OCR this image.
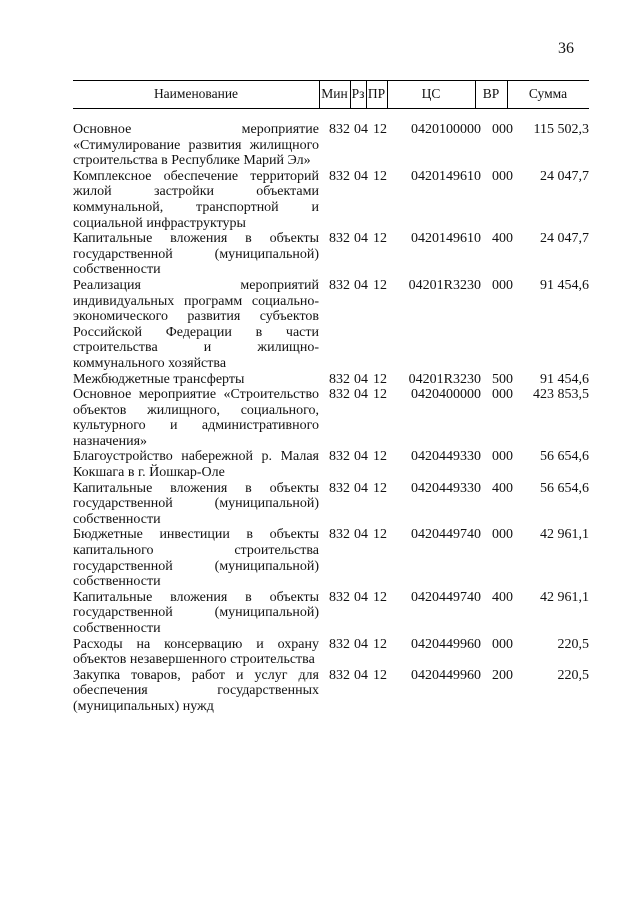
36
Наименование	Мин Рз ПР	ЦС	ВР	Сумма
Основное мероприятие «Стимулирование развития жилищного строительства в Республике Марий Эл»
832 04 12	0420100000 000	115 502,3
Комплексное обеспечение территорий жилой застройки объектами коммунальной, транспортной и социальной инфраструктуры
832 04 12	0420149610 000	24 047,7
Капитальные вложения в объекты государственной (муниципальной) собственности
832 04 12	0420149610 400	24 047,7
Реализация мероприятий индивидуальных программ социально-экономического развития субъектов Российской Федерации в части строительства и жилищно-коммунального хозяйства
832 04 12	04201R3230 000	91 454,6
Межбюджетные трансферты	832 04 12	04201R3230 500	91 454,6
Основное мероприятие «Строительство объектов жилищного, социального, культурного и административного назначения»
832 04 12	0420400000 000	423 853,5
Благоустройство набережной р. Малая Кокшага в г. Йошкар-Оле
832 04 12	0420449330 000	56 654,6
Капитальные вложения в объекты государственной (муниципальной) собственности
832 04 12	0420449330 400	56 654,6
Бюджетные инвестиции в объекты капитального строительства государственной (муниципальной) собственности
832 04 12	0420449740 000	42 961,1
Капитальные вложения в объекты государственной (муниципальной) собственности
832 04 12	0420449740 400	42 961,1
Расходы на консервацию и охрану объектов незавершенного строительства
832 04 12	0420449960 000	220,5
Закупка товаров, работ и услуг для обеспечения государственных (муниципальных) нужд
832 04 12	0420449960 200	220,5
